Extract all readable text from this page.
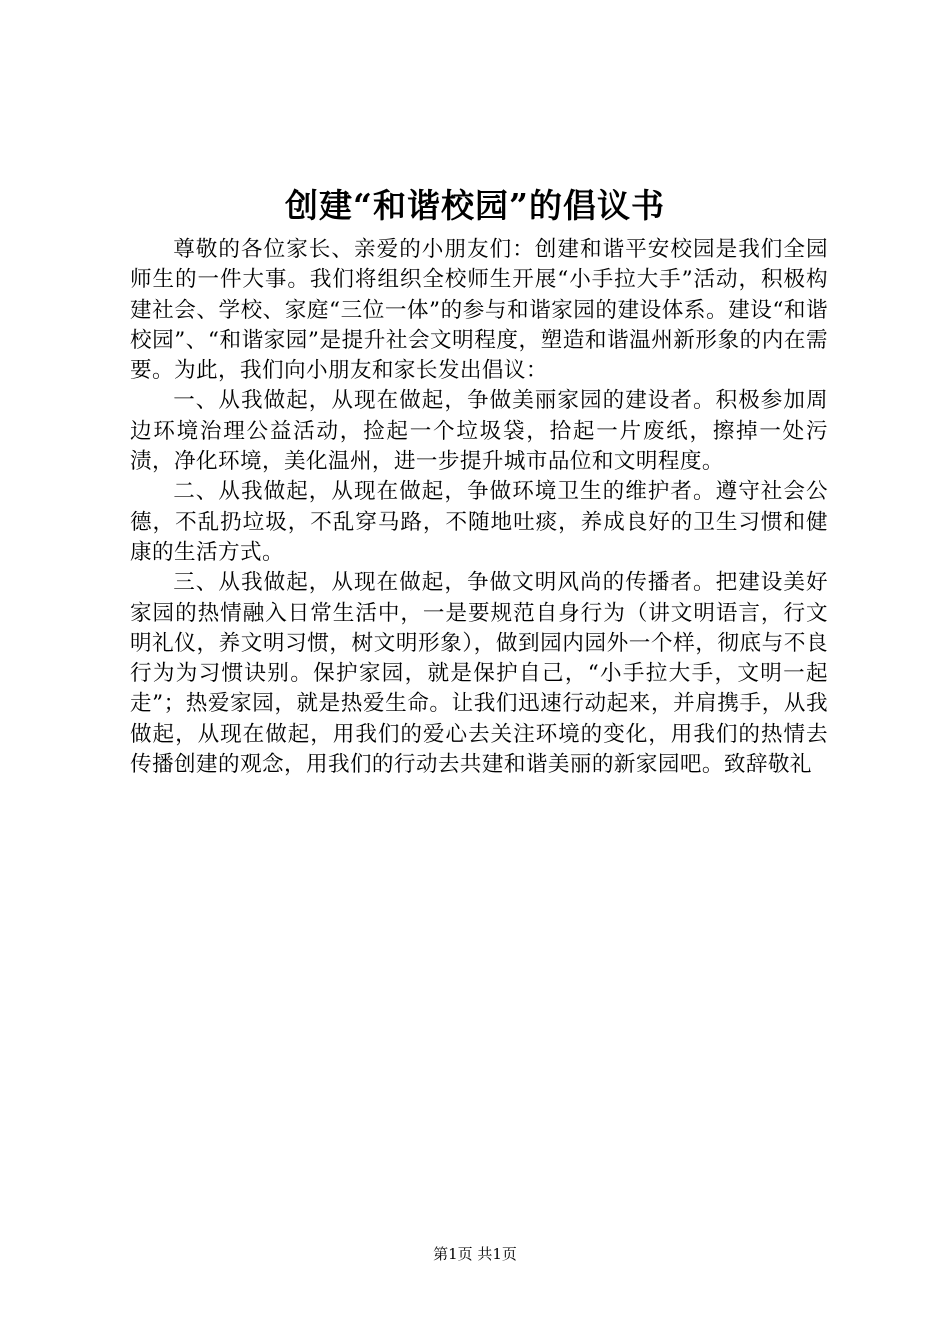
创建“和谐校园”的倡议书

尊敬的各位家长、亲爱的小朋友们：创建和谐平安校园是我们全园师生的一件大事。我们将组织全校师生开展“小手拉大手”活动，积极构建社会、学校、家庭“三位一体”的参与和谐家园的建设体系。建设“和谐校园”、“和谐家园”是提升社会文明程度，塑造和谐温州新形象的内在需要。为此，我们向小朋友和家长发出倡议：

一、从我做起，从现在做起，争做美丽家园的建设者。积极参加周边环境治理公益活动，捡起一个垃圾袋，拾起一片废纸，擦掉一处污渍，净化环境，美化温州，进一步提升城市品位和文明程度。

二、从我做起，从现在做起，争做环境卫生的维护者。遵守社会公德，不乱扔垃圾，不乱穿马路，不随地吐痰，养成良好的卫生习惯和健康的生活方式。

三、从我做起，从现在做起，争做文明风尚的传播者。把建设美好家园的热情融入日常生活中，一是要规范自身行为（讲文明语言，行文明礼仪，养文明习惯，树文明形象），做到园内园外一个样，彻底与不良行为为习惯诀别。保护家园，就是保护自己，“小手拉大手，文明一起走”；热爱家园，就是热爱生命。让我们迅速行动起来，并肩携手，从我做起，从现在做起，用我们的爱心去关注环境的变化，用我们的热情去传播创建的观念，用我们的行动去共建和谐美丽的新家园吧。致辞敬礼

第1页 共1页
